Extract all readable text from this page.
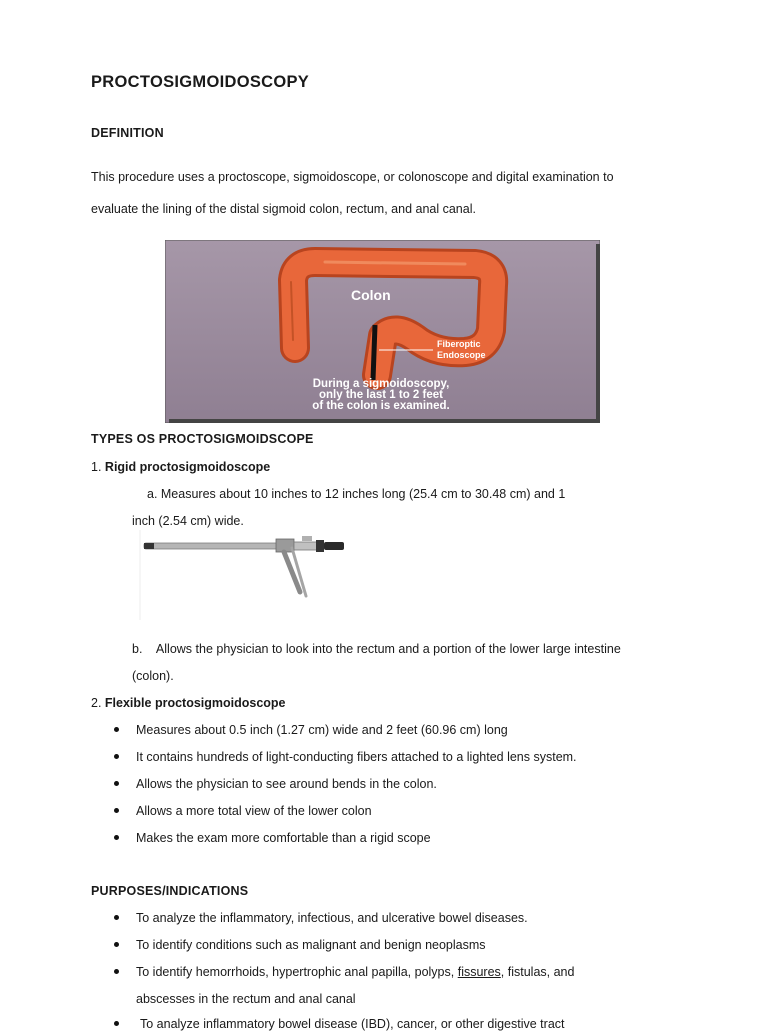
PROCTOSIGMOIDOSCOPY
DEFINITION
This procedure uses a proctoscope, sigmoidoscope, or colonoscope and digital examination to
evaluate the lining of the distal sigmoid colon, rectum, and anal canal.
Colon
Fiberoptic
Endoscope
During a sigmoidoscopy,
only the last 1 to 2 feet
of the colon is examined.
TYPES OS PROCTOSIGMOIDSCOPE
1. Rigid proctosigmoidoscope
a. Measures about 10 inches to 12 inches long (25.4 cm to 30.48 cm) and 1
inch (2.54 cm) wide.
b. Allows the physician to look into the rectum and a portion of the lower large intestine
(colon).
2. Flexible proctosigmoidoscope
Measures about 0.5 inch (1.27 cm) wide and 2 feet (60.96 cm) long
It contains hundreds of light-conducting fibers attached to a lighted lens system.
Allows the physician to see around bends in the colon.
Allows a more total view of the lower colon
Makes the exam more comfortable than a rigid scope
PURPOSES/INDICATIONS
To analyze the inflammatory, infectious, and ulcerative bowel diseases.
To identify conditions such as malignant and benign neoplasms
To identify hemorrhoids, hypertrophic anal papilla, polyps, fissures, fistulas, and
abscesses in the rectum and anal canal
To analyze inflammatory bowel disease (IBD), cancer, or other digestive tract
